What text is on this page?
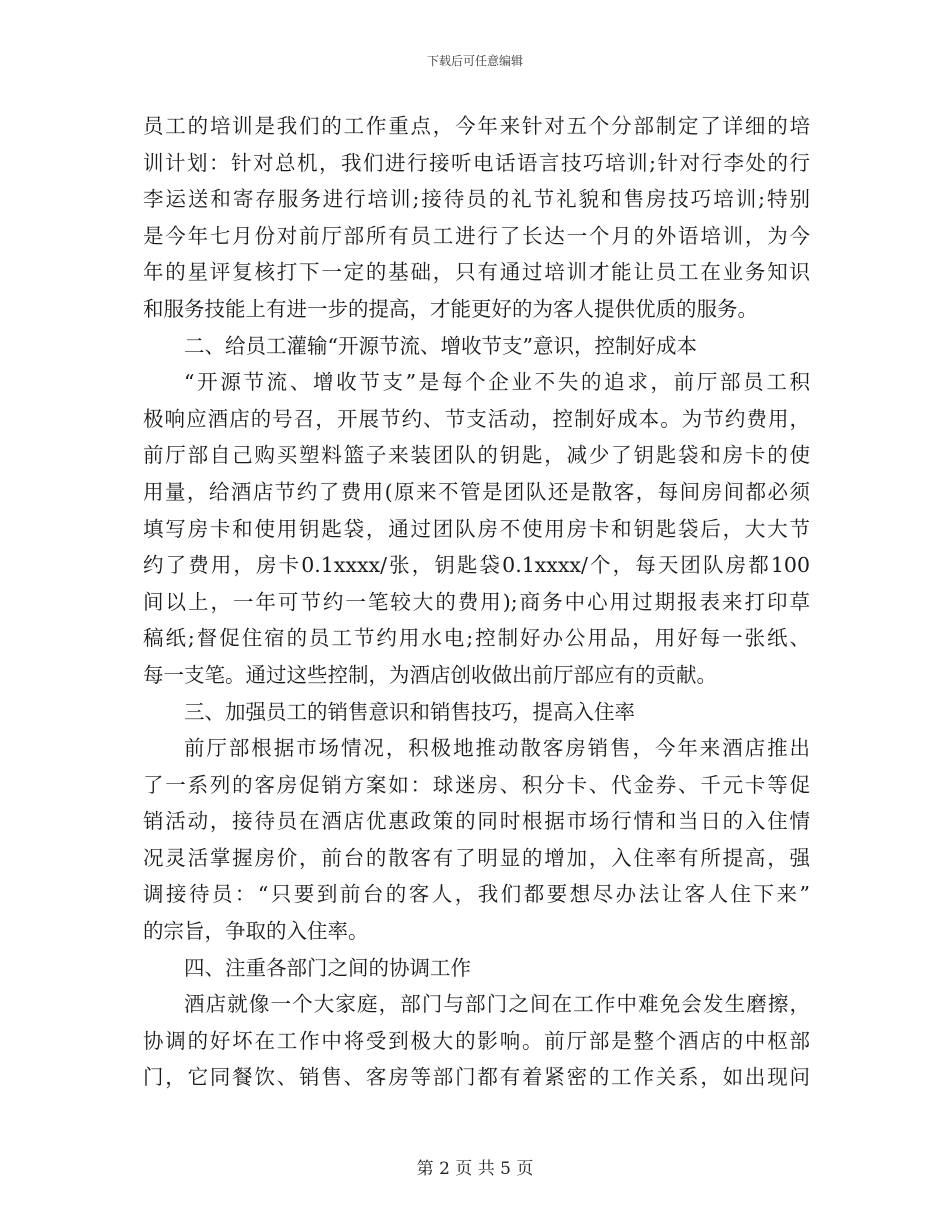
下载后可任意编辑
员工的培训是我们的工作重点，今年来针对五个分部制定了详细的培
训计划：针对总机，我们进行接听电话语言技巧培训;针对行李处的行
李运送和寄存服务进行培训;接待员的礼节礼貌和售房技巧培训;特别
是今年七月份对前厅部所有员工进行了长达一个月的外语培训，为今
年的星评复核打下一定的基础，只有通过培训才能让员工在业务知识
和服务技能上有进一步的提高，才能更好的为客人提供优质的服务。
二、给员工灌输“开源节流、增收节支”意识，控制好成本
“开源节流、增收节支”是每个企业不失的追求，前厅部员工积
极响应酒店的号召，开展节约、节支活动，控制好成本。为节约费用，
前厅部自己购买塑料篮子来装团队的钥匙，减少了钥匙袋和房卡的使
用量，给酒店节约了费用(原来不管是团队还是散客，每间房间都必须
填写房卡和使用钥匙袋，通过团队房不使用房卡和钥匙袋后，大大节
约了费用，房卡0.1xxxx/张，钥匙袋0.1xxxx/个，每天团队房都100
间以上，一年可节约一笔较大的费用);商务中心用过期报表来打印草
稿纸;督促住宿的员工节约用水电;控制好办公用品，用好每一张纸、
每一支笔。通过这些控制，为酒店创收做出前厅部应有的贡献。
三、加强员工的销售意识和销售技巧，提高入住率
前厅部根据市场情况，积极地推动散客房销售，今年来酒店推出
了一系列的客房促销方案如：球迷房、积分卡、代金券、千元卡等促
销活动，接待员在酒店优惠政策的同时根据市场行情和当日的入住情
况灵活掌握房价，前台的散客有了明显的增加，入住率有所提高，强
调接待员：“只要到前台的客人，我们都要想尽办法让客人住下来”
的宗旨，争取的入住率。
四、注重各部门之间的协调工作
酒店就像一个大家庭，部门与部门之间在工作中难免会发生磨擦，
协调的好坏在工作中将受到极大的影响。前厅部是整个酒店的中枢部
门，它同餐饮、销售、客房等部门都有着紧密的工作关系，如出现问
第 2 页 共 5 页
